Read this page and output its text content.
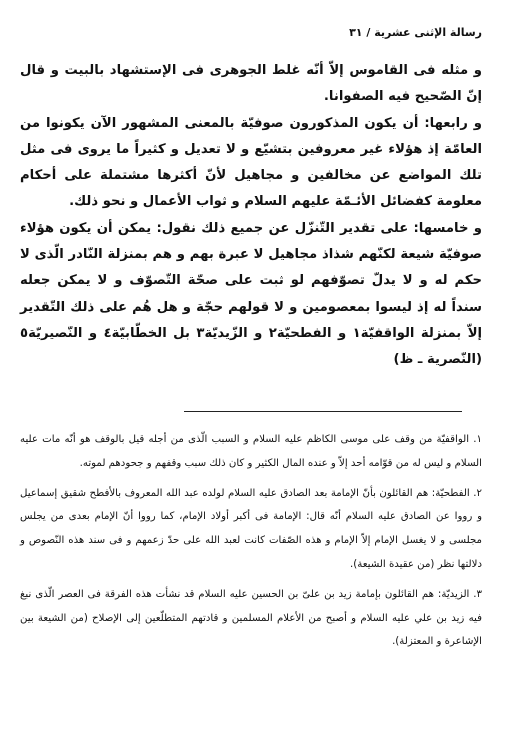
رسالة الإثنى عشرية / ٣١

و مثله فى القاموس إلاّ أنّه غلط الجوهرى فى الإستشهاد بالبيت و قال إنّ الصّحيح فيه الصفوانا.

و رابعها: أن يكون المذكورون صوفيّة بالمعنى المشهور الآن يكونوا من العامّة إذ هؤلاء غير معروفين بتشيّع و لا تعديل و كثيراً ما يروى فى مثل تلك المواضع عن مخالفين و مجاهيل لأنّ أكثرها مشتملة على أحكام معلومة كفضائل الأئـمّة عليهم السلام و ثواب الأعمال و نحو ذلك.

و خامسها: على تقدير التّنزّل عن جميع ذلك نقول: يمكن أن يكون هؤلاء صوفيّة شيعة لكنّهم شذاذ مجاهيل لا عبرة بهم و هم بمنزلة النّادر الّذى لا حكم له و لا يدلّ تصوّفهم لو ثبت على صحّة التّصوّف و لا يمكن جعله سنداً له إذ ليسوا بمعصومين و لا قولهم حجّة و هل هُم على ذلك التّقدير إلاّ بمنزلة الواقفيّة١ و الفطحيّة٢ و الزّيديّة٣ بل الخطّابيّة٤ و النّصيريّة٥ (النّصرية ـ ظ)

١. الواقفيّة من وقف على موسى الكاظم عليه السلام و السبب الّذى من أجله قيل بالوقف هو أنّه مات عليه السلام و ليس له من قوّامه أحد إلاّ و عنده المال الكثير و كان ذلك سبب وقفهم و جحودهم لموته.

٢. الفطحيّة: هم القائلون بأنّ الإمامة بعد الصادق عليه السلام لولده عبد الله المعروف بالأفطح شقيق إسماعيل و رووا عن الصادق عليه السلام أنّه قال: الإمامة فى أكبر أولاد الإمام، كما رووا أنّ الإمام بعدى من يجلس مجلسى و لا يغسل الإمام إلاّ الإمام و هذه الصّفات كانت لعبد الله على حدّ زعمهم و فى سند هذه النّصوص و دلالتها نظر (من عقيدة الشيعة).

٣. الزيديّة: هم القائلون بإمامة زيد بن علىّ بن الحسين عليه السلام قد نشأت هذه الفرقة فى العصر الّذى نبغ فيه زيد بن علي عليه السلام و أصبح من الأعلام المسلمين و قادتهم المتطلّعين إلى الإصلاح (من الشيعة بين الإشاعرة و المعتزلة).
